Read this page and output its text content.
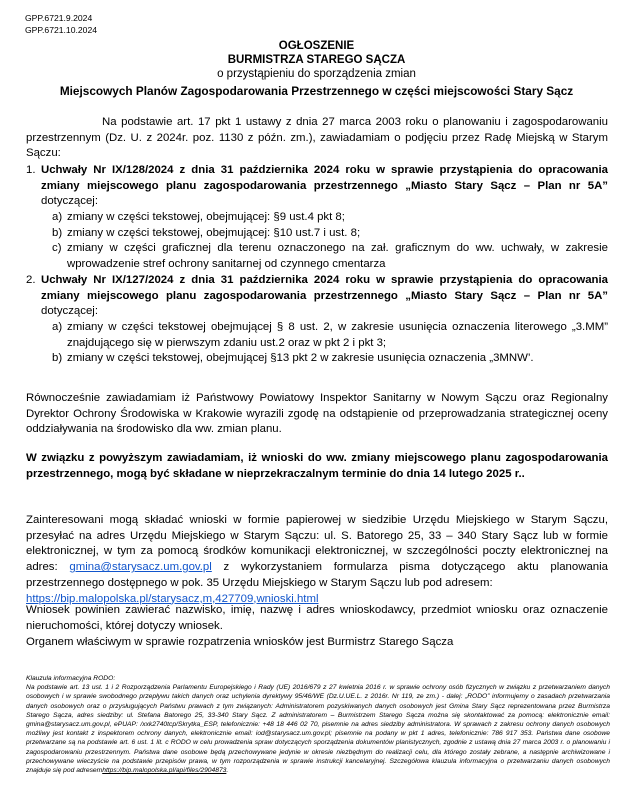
GPP.6721.9.2024
GPP.6721.10.2024
OGŁOSZENIE
BURMISTRZA STAREGO SĄCZA
o przystąpieniu do sporządzenia zmian
Miejscowych Planów Zagospodarowania Przestrzennego w części miejscowości Stary Sącz
Na podstawie art. 17 pkt 1 ustawy z dnia 27 marca 2003 roku o planowaniu i zagospodarowaniu przestrzennym (Dz. U. z 2024r. poz. 1130 z późn. zm.), zawiadamiam o podjęciu przez Radę Miejską w Starym Sączu:
1. Uchwały Nr IX/128/2024 z dnia 31 października 2024 roku w sprawie przystąpienia do opracowania zmiany miejscowego planu zagospodarowania przestrzennego „Miasto Stary Sącz – Plan nr 5A” dotyczącej:
a) zmiany w części tekstowej, obejmującej: §9 ust.4 pkt 8;
b) zmiany w części tekstowej, obejmującej: §10 ust.7 i ust. 8;
c) zmiany w części graficznej dla terenu oznaczonego na zał. graficznym do ww. uchwały, w zakresie wprowadzenie stref ochrony sanitarnej od czynnego cmentarza
2. Uchwały Nr IX/127/2024 z dnia 31 października 2024 roku w sprawie przystąpienia do opracowania zmiany miejscowego planu zagospodarowania przestrzennego „Miasto Stary Sącz – Plan nr 5A” dotyczącej:
a) zmiany w części tekstowej obejmującej § 8 ust. 2, w zakresie usunięcia oznaczenia literowego „3.MM” znajdującego się w pierwszym zdaniu ust.2 oraz w pkt 2 i pkt 3;
b) zmiany w części tekstowej, obejmującej §13 pkt 2 w zakresie usunięcia oznaczenia „3MNW’.
Równocześnie zawiadamiam iż Państwowy Powiatowy Inspektor Sanitarny w Nowym Sączu oraz Regionalny Dyrektor Ochrony Środowiska w Krakowie wyrazili zgodę na odstąpienie od przeprowadzania strategicznej oceny oddziaływania na środowisko dla ww. zmian planu.
W związku z powyższym zawiadamiam, iż wnioski do ww. zmiany miejscowego planu zagospodarowania przestrzennego, mogą być składane w nieprzekraczalnym terminie do dnia 14 lutego 2025 r..
Zainteresowani mogą składać wnioski w formie papierowej w siedzibie Urzędu Miejskiego w Starym Sączu, przesyłać na adres Urzędu Miejskiego w Starym Sączu: ul. S. Batorego 25, 33 – 340 Stary Sącz lub w formie elektronicznej, w tym za pomocą środków komunikacji elektronicznej, w szczególności poczty elektronicznej na adres: gmina@starysacz.um.gov.pl z wykorzystaniem formularza pisma dotyczącego aktu planowania przestrzennego dostępnego w pok. 35 Urzędu Miejskiego w Starym Sączu lub pod adresem:
https://bip.malopolska.pl/starysacz,m,427709,wnioski.html
Wniosek powinien zawierać nazwisko, imię, nazwę i adres wnioskodawcy, przedmiot wniosku oraz oznaczenie nieruchomości, której dotyczy wniosek.
Organem właściwym w sprawie rozpatrzenia wniosków jest Burmistrz Starego Sącza
Klauzula informacyjna RODO:
Na podstawie art. 13 ust. 1 i 2 Rozporządzenia Parlamentu Europejskiego i Rady (UE) 2016/679 z 27 kwietnia 2016 r. w sprawie ochrony osób fizycznych w związku z przetwarzaniem danych osobowych i w sprawie swobodnego przepływu takich danych oraz uchylenia dyrektywy 95/46/WE (Dz.U.UE.L. z 2016r. Nr 119, ze zm.) - dalej: „RODO” informujemy o zasadach przetwarzania danych osobowych oraz o przysługujących Państwu prawach z tym związanych: Administratorem pozyskiwanych danych osobowych jest Gmina Stary Sącz reprezentowana przez Burmistrza Starego Sącza, adres siedziby: ul. Stefana Batorego 25, 33-340 Stary Sącz. Z administratorem – Burmistrzem Starego Sącza można się skontaktować za pomocą: elektronicznie email: gmina@starysacz.um.gov.pl, ePUAP: /xxk2740tcp/Skrytka_ESP, telefonicznie: +48 18 446 02 70, pisemnie na adres siedziby administratora. W sprawach z zakresu ochrony danych osobowych możliwy jest kontakt z inspektorem ochrony danych, elektronicznie email: iod@starysacz.um.gov.pl; pisemnie na podany w pkt 1 adres, telefonicznie: 786 917 353. Państwa dane osobowe przetwarzane są na podstawie art. 6 ust. 1 lit. c RODO w celu prowadzenia spraw dotyczących sporządzenia dokumentów planistycznych, zgodnie z ustawą dnia 27 marca 2003 r. o planowaniu i zagospodarowaniu przestrzennym. Państwa dane osobowe będą przechowywane jedynie w okresie niezbędnym do realizacji celu, dla którego zostały zebrane, a następnie archiwizowane i przechowywane wieczyście na podstawie przepisów prawa, w tym rozporządzenia w sprawie instrukcji kancelaryjnej. Szczegółowa klauzula informacyjna o przetwarzaniu danych osobowych znajduje się pod adresemhttps://bip.malopolska.pl/api/files/2904873.
